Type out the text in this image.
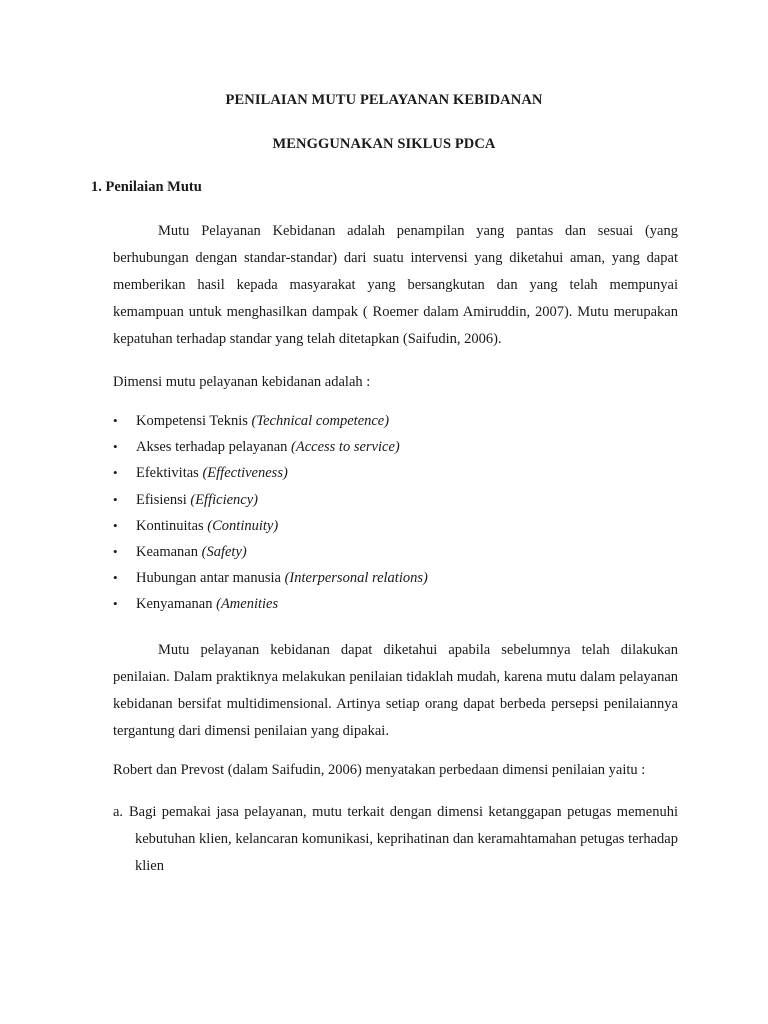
PENILAIAN MUTU PELAYANAN KEBIDANAN
MENGGUNAKAN SIKLUS PDCA
1. Penilaian Mutu

Mutu Pelayanan Kebidanan adalah penampilan yang pantas dan sesuai (yang berhubungan dengan standar-standar) dari suatu intervensi yang diketahui aman, yang dapat memberikan hasil kepada masyarakat yang bersangkutan dan yang telah mempunyai kemampuan untuk menghasilkan dampak ( Roemer dalam Amiruddin, 2007). Mutu merupakan kepatuhan terhadap standar yang telah ditetapkan (Saifudin, 2006).

Dimensi mutu pelayanan kebidanan adalah :

• Kompetensi Teknis (Technical competence)
• Akses terhadap pelayanan (Access to service)
• Efektivitas (Effectiveness)
• Efisiensi (Efficiency)
• Kontinuitas (Continuity)
• Keamanan (Safety)
• Hubungan antar manusia (Interpersonal relations)
• Kenyamanan (Amenities

Mutu pelayanan kebidanan dapat diketahui apabila sebelumnya telah dilakukan penilaian. Dalam praktiknya melakukan penilaian tidaklah mudah, karena mutu dalam pelayanan kebidanan bersifat multidimensional. Artinya setiap orang dapat berbeda persepsi penilaiannya tergantung dari dimensi penilaian yang dipakai.

Robert dan Prevost (dalam Saifudin, 2006) menyatakan perbedaan dimensi penilaian yaitu :

a. Bagi pemakai jasa pelayanan, mutu terkait dengan dimensi ketanggapan petugas memenuhi kebutuhan klien, kelancaran komunikasi, keprihatinan dan keramahtamahan petugas terhadap klien
